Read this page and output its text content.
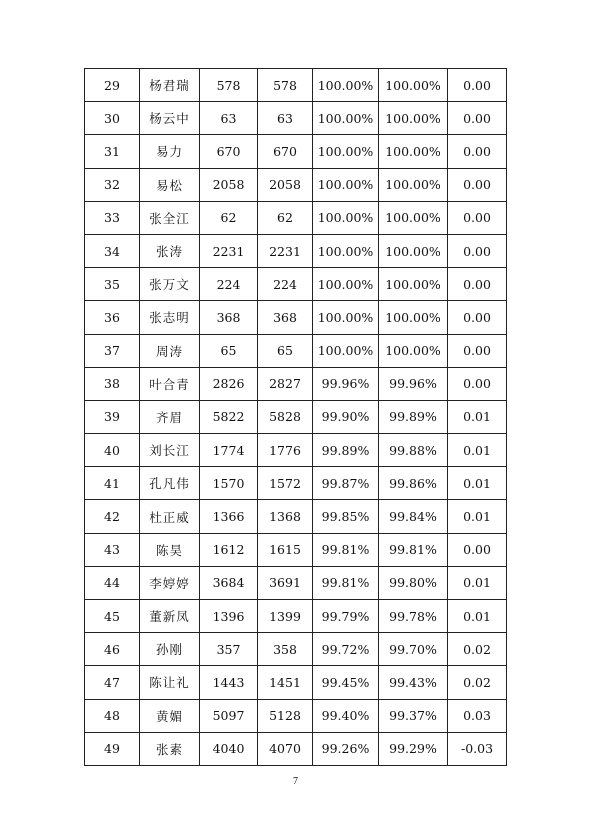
29	杨君瑞	578	578	100.00%	100.00%	0.00
30	杨云中	63	63	100.00%	100.00%	0.00
31	易力	670	670	100.00%	100.00%	0.00
32	易松	2058	2058	100.00%	100.00%	0.00
33	张全江	62	62	100.00%	100.00%	0.00
34	张涛	2231	2231	100.00%	100.00%	0.00
35	张万文	224	224	100.00%	100.00%	0.00
36	张志明	368	368	100.00%	100.00%	0.00
37	周涛	65	65	100.00%	100.00%	0.00
38	叶合青	2826	2827	99.96%	99.96%	0.00
39	齐眉	5822	5828	99.90%	99.89%	0.01
40	刘长江	1774	1776	99.89%	99.88%	0.01
41	孔凡伟	1570	1572	99.87%	99.86%	0.01
42	杜正威	1366	1368	99.85%	99.84%	0.01
43	陈昊	1612	1615	99.81%	99.81%	0.00
44	李婷婷	3684	3691	99.81%	99.80%	0.01
45	董新凤	1396	1399	99.79%	99.78%	0.01
46	孙刚	357	358	99.72%	99.70%	0.02
47	陈让礼	1443	1451	99.45%	99.43%	0.02
48	黄媚	5097	5128	99.40%	99.37%	0.03
49	张素	4040	4070	99.26%	99.29%	-0.03
7
